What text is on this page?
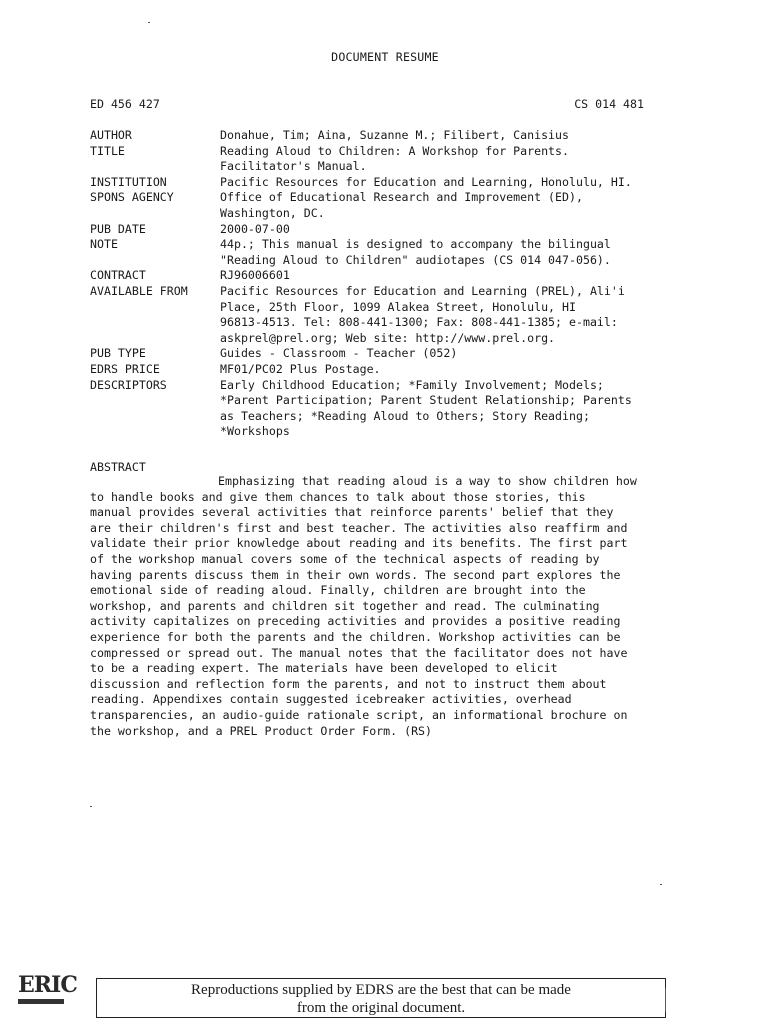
DOCUMENT RESUME
ED 456 427	CS 014 481
AUTHOR	Donahue, Tim; Aina, Suzanne M.; Filibert, Canisius
TITLE	Reading Aloud to Children: A Workshop for Parents.
Facilitator's Manual.
INSTITUTION	Pacific Resources for Education and Learning, Honolulu, HI.
SPONS AGENCY	Office of Educational Research and Improvement (ED),
Washington, DC.
PUB DATE	2000-07-00
NOTE	44p.; This manual is designed to accompany the bilingual
"Reading Aloud to Children" audiotapes (CS 014 047-056).
CONTRACT	RJ96006601
AVAILABLE FROM	Pacific Resources for Education and Learning (PREL), Ali'i
Place, 25th Floor, 1099 Alakea Street, Honolulu, HI
96813-4513. Tel: 808-441-1300; Fax: 808-441-1385; e-mail:
askprel@prel.org; Web site: http://www.prel.org.
PUB TYPE	Guides - Classroom - Teacher (052)
EDRS PRICE	MF01/PC02 Plus Postage.
DESCRIPTORS	Early Childhood Education; *Family Involvement; Models;
*Parent Participation; Parent Student Relationship; Parents
as Teachers; *Reading Aloud to Others; Story Reading;
*Workshops
ABSTRACT
Emphasizing that reading aloud is a way to show children how
to handle books and give them chances to talk about those stories, this
manual provides several activities that reinforce parents' belief that they
are their children's first and best teacher. The activities also reaffirm and
validate their prior knowledge about reading and its benefits. The first part
of the workshop manual covers some of the technical aspects of reading by
having parents discuss them in their own words. The second part explores the
emotional side of reading aloud. Finally, children are brought into the
workshop, and parents and children sit together and read. The culminating
activity capitalizes on preceding activities and provides a positive reading
experience for both the parents and the children. Workshop activities can be
compressed or spread out. The manual notes that the facilitator does not have
to be a reading expert. The materials have been developed to elicit
discussion and reflection form the parents, and not to instruct them about
reading. Appendixes contain suggested icebreaker activities, overhead
transparencies, an audio-guide rationale script, an informational brochure on
the workshop, and a PREL Product Order Form. (RS)
ERIC	Reproductions supplied by EDRS are the best that can be made
from the original document.
